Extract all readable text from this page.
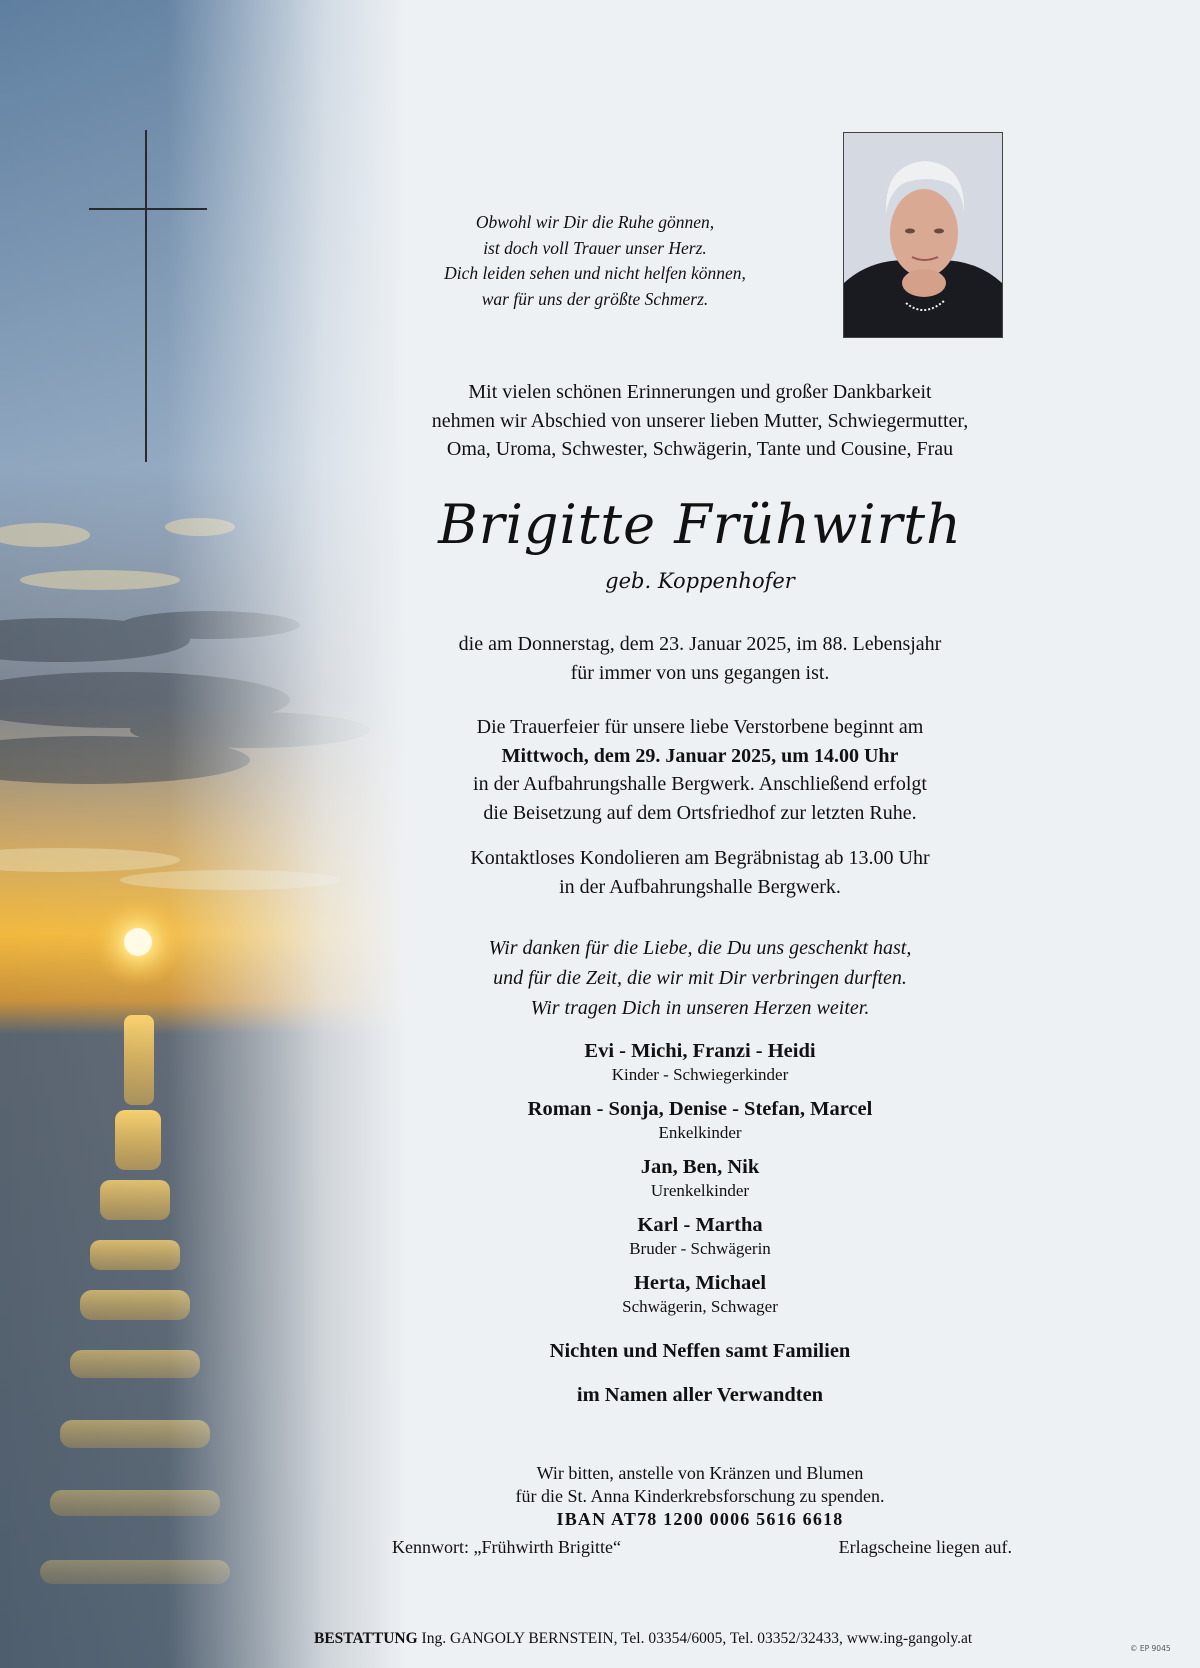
Obwohl wir Dir die Ruhe gönnen,
ist doch voll Trauer unser Herz.
Dich leiden sehen und nicht helfen können,
war für uns der größte Schmerz.
Mit vielen schönen Erinnerungen und großer Dankbarkeit
nehmen wir Abschied von unserer lieben Mutter, Schwiegermutter,
Oma, Uroma, Schwester, Schwägerin, Tante und Cousine, Frau
Brigitte Frühwirth
geb. Koppenhofer
die am Donnerstag, dem 23. Januar 2025, im 88. Lebensjahr
für immer von uns gegangen ist.
Die Trauerfeier für unsere liebe Verstorbene beginnt am
Mittwoch, dem 29. Januar 2025, um 14.00 Uhr
in der Aufbahrungshalle Bergwerk. Anschließend erfolgt
die Beisetzung auf dem Ortsfriedhof zur letzten Ruhe.
Kontaktloses Kondolieren am Begräbnistag ab 13.00 Uhr
in der Aufbahrungshalle Bergwerk.
Wir danken für die Liebe, die Du uns geschenkt hast,
und für die Zeit, die wir mit Dir verbringen durften.
Wir tragen Dich in unseren Herzen weiter.
Evi - Michi, Franzi - Heidi
Kinder - Schwiegerkinder
Roman - Sonja, Denise - Stefan, Marcel
Enkelkinder
Jan, Ben, Nik
Urenkelkinder
Karl - Martha
Bruder - Schwägerin
Herta, Michael
Schwägerin, Schwager
Nichten und Neffen samt Familien
im Namen aller Verwandten
Wir bitten, anstelle von Kränzen und Blumen
für die St. Anna Kinderkrebsforschung zu spenden.
IBAN AT78 1200 0006 5616 6618
Kennwort: „Frühwirth Brigitte“	Erlagscheine liegen auf.
BESTATTUNG Ing. GANGOLY BERNSTEIN, Tel. 03354/6005, Tel. 03352/32433, www.ing-gangoly.at
© EP 9045
